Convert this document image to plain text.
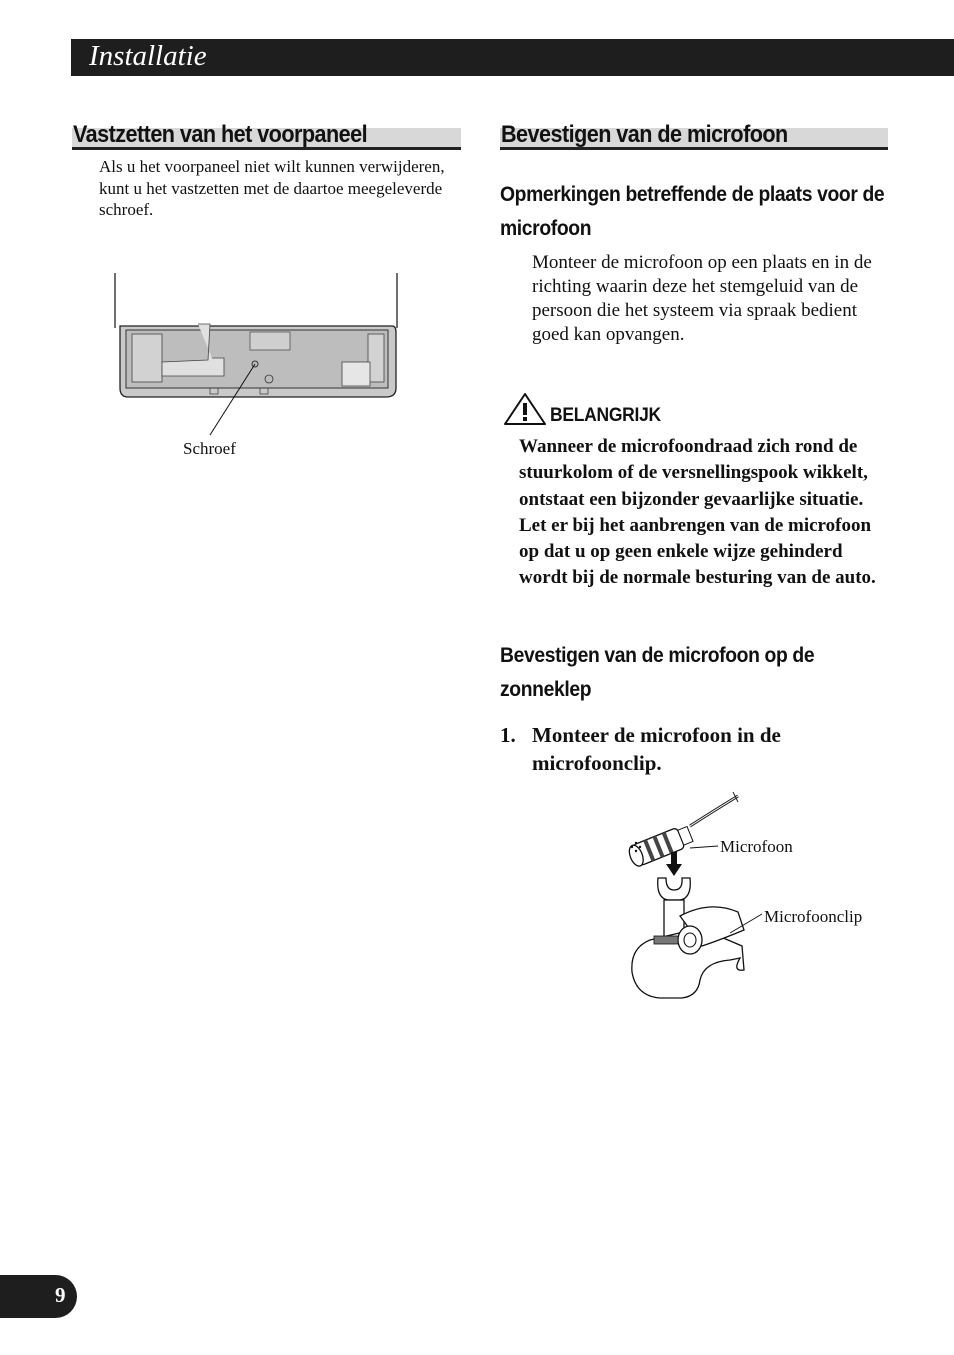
Installatie
Vastzetten van het voorpaneel
Als u het voorpaneel niet wilt kunnen verwijderen, kunt u het vastzetten met de daartoe meegeleverde schroef.
Schroef
Bevestigen van de microfoon
Opmerkingen betreffende de plaats voor de microfoon
Monteer de microfoon op een plaats en in de richting waarin deze het stemgeluid van de persoon die het systeem via spraak bedient goed kan opvangen.
BELANGRIJK
Wanneer de microfoondraad zich rond de stuurkolom of de versnellingspook wikkelt, ontstaat een bijzonder gevaarlijke situatie. Let er bij het aanbrengen van de microfoon op dat u op geen enkele wijze gehinderd wordt bij de normale besturing van de auto.
Bevestigen van de microfoon op de zonneklep
1. Monteer de microfoon in de microfoonclip.
Microfoon
Microfoonclip
9
